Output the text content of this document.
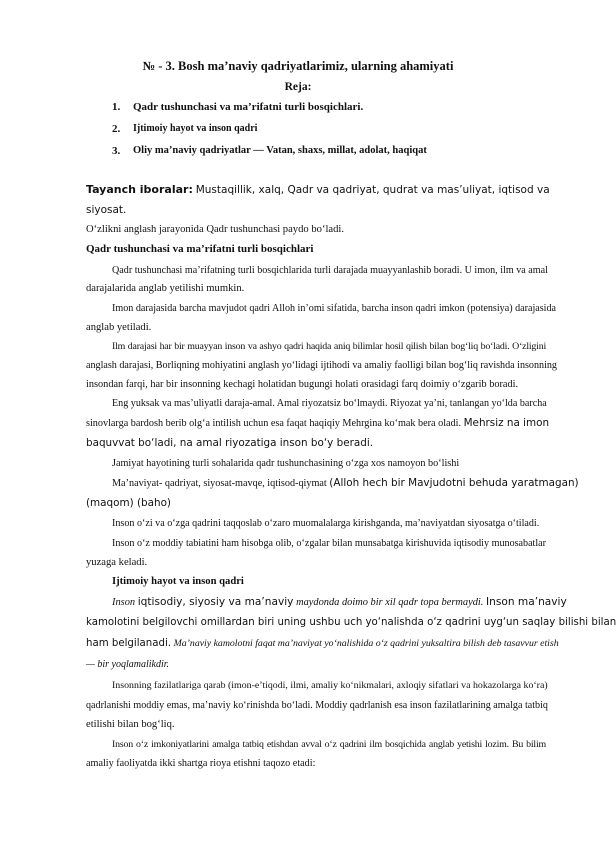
№ - 3. Bosh ma’naviy qadriyatlarimiz, ularning ahamiyati
Reja:
1. Qadr tushunchasi va ma’rifatni turli bosqichlari.
2. Ijtimoiy hayot va inson qadri
3. Oliy ma’naviy qadriyatlar — Vatan, shaxs, millat, adolat, haqiqat
Tayanch iboralar: Mustaqillik, xalq, Qadr va qadriyat, qudrat va mas’uliyat, iqtisod va
siyosat.
O‘zlikni anglash jarayonida Qadr tushunchasi paydo bo‘ladi.
Qadr tushunchasi va ma’rifatni turli bosqichlari
Qadr tushunchasi ma’rifatning turli bosqichlarida turli darajada muayyanlashib boradi. U imon, ilm va amal
darajalarida anglab yetilishi mumkin.
Imon darajasida barcha mavjudot qadri Alloh in’omi sifatida, barcha inson qadri imkon (potensiya) darajasida
anglab yetiladi.
Ilm darajasi har bir muayyan inson va ashyo qadri haqida aniq bilimlar hosil qilish bilan bog‘liq bo‘ladi. O‘zligini
anglash darajasi, Borliqning mohiyatini anglash yo‘lidagi ijtihodi va amaliy faolligi bilan bog‘liq ravishda insonning
insondan farqi, har bir insonning kechagi holatidan bugungi holati orasidagi farq doimiy o‘zgarib boradi.
Eng yuksak va mas’uliyatli daraja-amal. Amal riyozatsiz bo‘lmaydi. Riyozat ya’ni, tanlangan yo‘lda barcha
sinovlarga bardosh berib olg‘a intilish uchun esa faqat haqiqiy Mehrgina ko‘mak bera oladi. Mehrsiz na imon
baquvvat bo‘ladi, na amal riyozatiga inson bo‘y beradi.
Jamiyat hayotining turli sohalarida qadr tushunchasining o‘zga xos namoyon bo‘lishi
Ma’naviyat- qadriyat, siyosat-mavqe, iqtisod-qiymat (Alloh hech bir Mavjudotni behuda yaratmagan)
(maqom) (baho)
Inson o‘zi va o‘zga qadrini taqqoslab o‘zaro muomalalarga kirishganda, ma’naviyatdan siyosatga o‘tiladi.
Inson o‘z moddiy tabiatini ham hisobga olib, o‘zgalar bilan munsabatga kirishuvida iqtisodiy munosabatlar
yuzaga keladi.
Ijtimoiy hayot va inson qadri
Inson iqtisodiy, siyosiy va ma’naviy maydonda doimo bir xil qadr topa bermaydi. Inson ma’naviy
kamolotini belgilovchi omillardan biri uning ushbu uch yo‘nalishda o‘z qadrini uyg‘un saqlay bilishi bilan
ham belgilanadi. Ma’naviy kamolotni faqat ma’naviyat yo‘nalishida o‘z qadrini yuksaltira bilish deb tasavvur etish
— bir yoqlamalikdir.
Insonning fazilatlariga qarab (imon-e’tiqodi, ilmi, amaliy ko‘nikmalari, axloqiy sifatlari va hokazolarga ko‘ra)
qadrlanishi moddiy emas, ma’naviy ko‘rinishda bo‘ladi. Moddiy qadrlanish esa inson fazilatlarining amalga tatbiq
etilishi bilan bog‘liq.
Inson o‘z imkoniyatlarini amalga tatbiq etishdan avval o‘z qadrini ilm bosqichida anglab yetishi lozim. Bu bilim
amaliy faoliyatda ikki shartga rioya etishni taqozo etadi:
